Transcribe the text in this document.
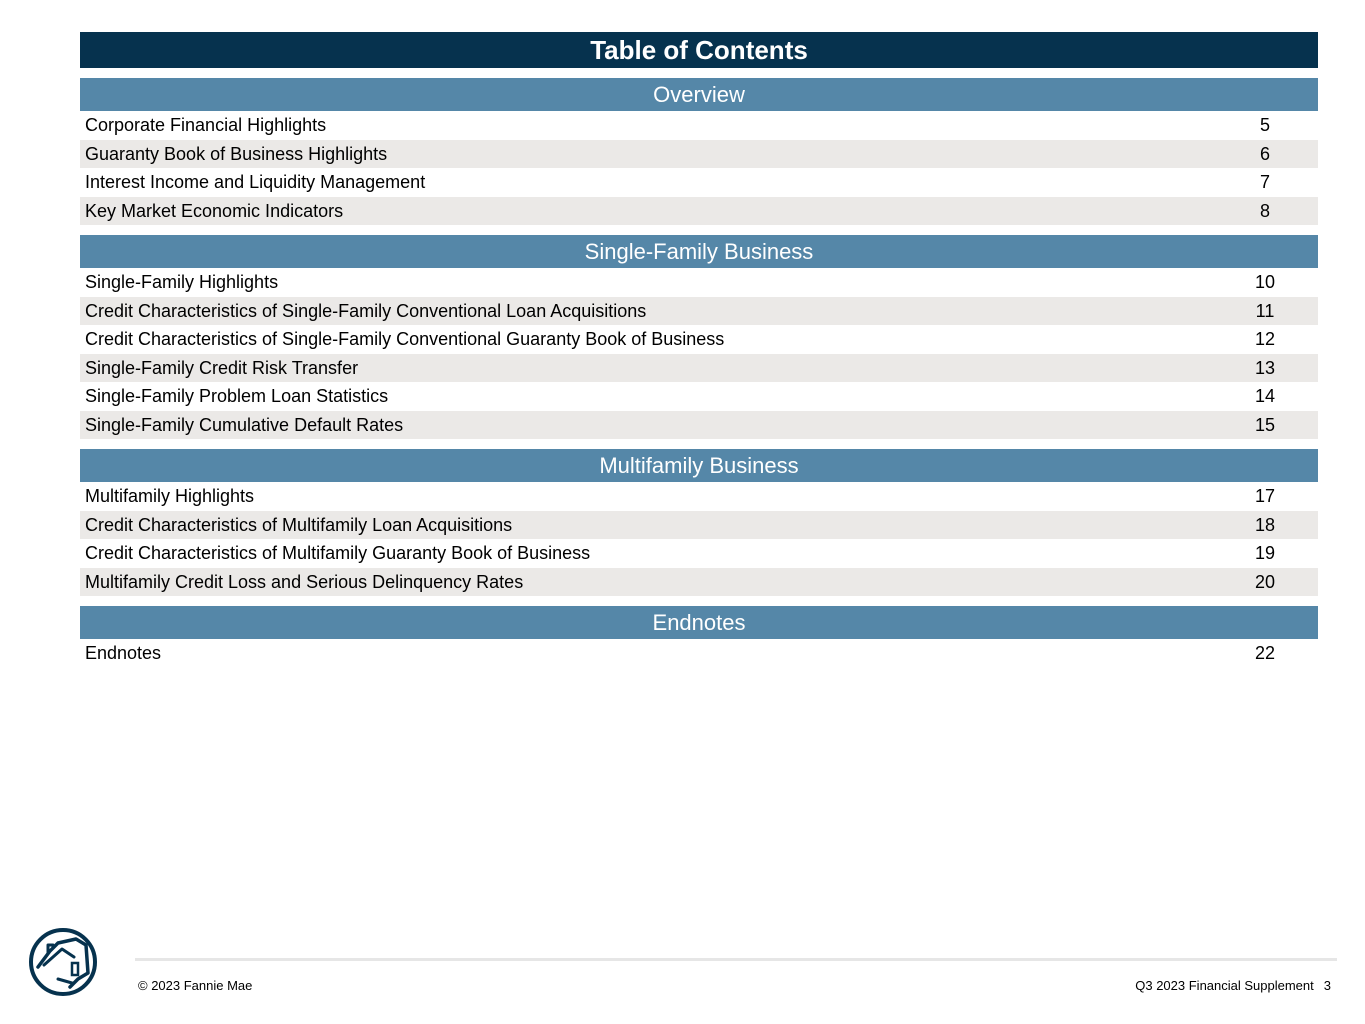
Table of Contents
Overview
Corporate Financial Highlights	5
Guaranty Book of Business Highlights	6
Interest Income and Liquidity Management	7
Key Market Economic Indicators	8
Single-Family Business
Single-Family Highlights	10
Credit Characteristics of Single-Family Conventional Loan Acquisitions	11
Credit Characteristics of Single-Family Conventional Guaranty Book of Business	12
Single-Family Credit Risk Transfer	13
Single-Family Problem Loan Statistics	14
Single-Family Cumulative Default Rates	15
Multifamily Business
Multifamily Highlights	17
Credit Characteristics of Multifamily Loan Acquisitions	18
Credit Characteristics of Multifamily Guaranty Book of Business	19
Multifamily Credit Loss and Serious Delinquency Rates	20
Endnotes
Endnotes	22
© 2023 Fannie Mae	Q3 2023 Financial Supplement 3
